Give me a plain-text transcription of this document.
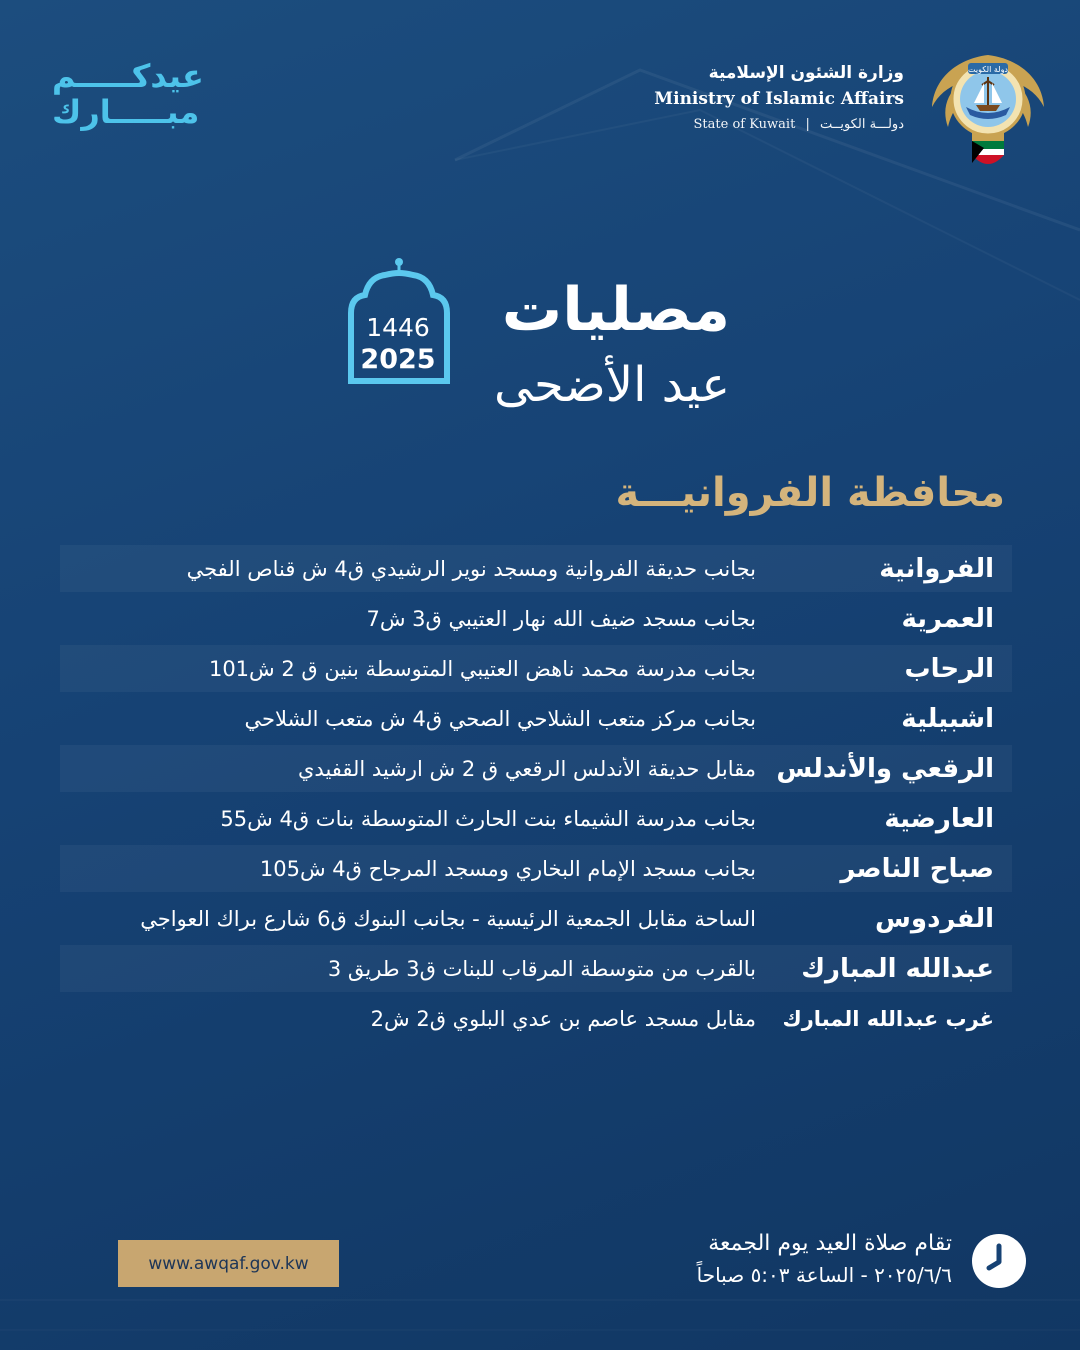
وزارة الشئون الإسلامية
Ministry of Islamic Affairs
State of Kuwait | دولـــة الكويــت
دولة الكويت
عيدكـــــم
مبـــــارك
1446
2025
مصليات
عيد الأضحى
محافظة الفروانيـــة
الفروانية
بجانب حديقة الفروانية ومسجد نوير الرشيدي ق4 ش قناص الفجي
العمرية
بجانب مسجد ضيف الله نهار العتيبي ق3 ش7
الرحاب
بجانب مدرسة محمد ناهض العتيبي المتوسطة بنين ق 2 ش101
اشبيلية
بجانب مركز متعب الشلاحي الصحي ق4 ش متعب الشلاحي
الرقعي والأندلس
مقابل حديقة الأندلس الرقعي ق 2 ش ارشيد القفيدي
العارضية
بجانب مدرسة الشيماء بنت الحارث المتوسطة بنات ق4 ش55
صباح الناصر
بجانب مسجد الإمام البخاري ومسجد المرجاح ق4 ش105
الفردوس
الساحة مقابل الجمعية الرئيسية - بجانب البنوك ق6 شارع براك العواجي
عبدالله المبارك
بالقرب من متوسطة المرقاب للبنات ق3 طريق 3
غرب عبدالله المبارك
مقابل مسجد عاصم بن عدي البلوي ق2 ش2
تقام صلاة العيد يوم الجمعة
٢٠٢٥/٦/٦ - الساعة ٥:٠٣ صباحاً
www.awqaf.gov.kw
